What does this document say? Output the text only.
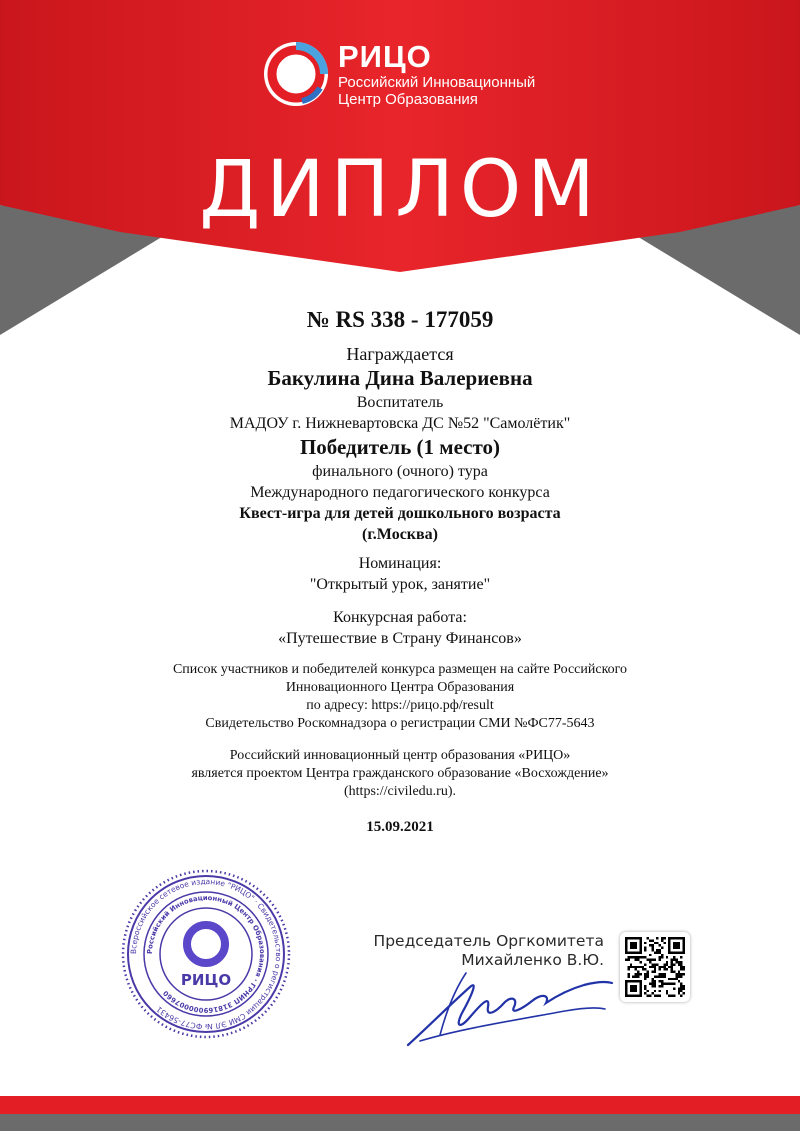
РИЦО
Российский Инновационный
Центр Образования
ДИПЛОМ
№ RS 338 - 177059
Награждается
Бакулина Дина Валериевна
Воспитатель
МАДОУ г. Нижневартовска ДС №52 "Самолётик"
Победитель (1 место)
финального (очного) тура
Международного педагогического конкурса
Квест-игра для детей дошкольного возраста
(г.Москва)
Номинация:
"Открытый урок, занятие"
Конкурсная работа:
«Путешествие в Страну Финансов»
Список участников и победителей конкурса размещен на сайте Российского
Инновационного Центра Образования
по адресу: https://рицо.рф/result
Свидетельство Роскомнадзора о регистрации СМИ №ФС77-5643
Российский инновационный центр образования «РИЦО»
является проектом Центра гражданского образование «Восхождение»
(https://civiledu.ru).
15.09.2021
Всероссийское сетевое издание "РИЦО" · Свидетельство о регистрации СМИ ЭЛ № ФС77-56431
Российский Инновационный Центр Образования · ГРНИП 318169000007660
РИЦО
Председатель Оргкомитета
Михайленко В.Ю.
